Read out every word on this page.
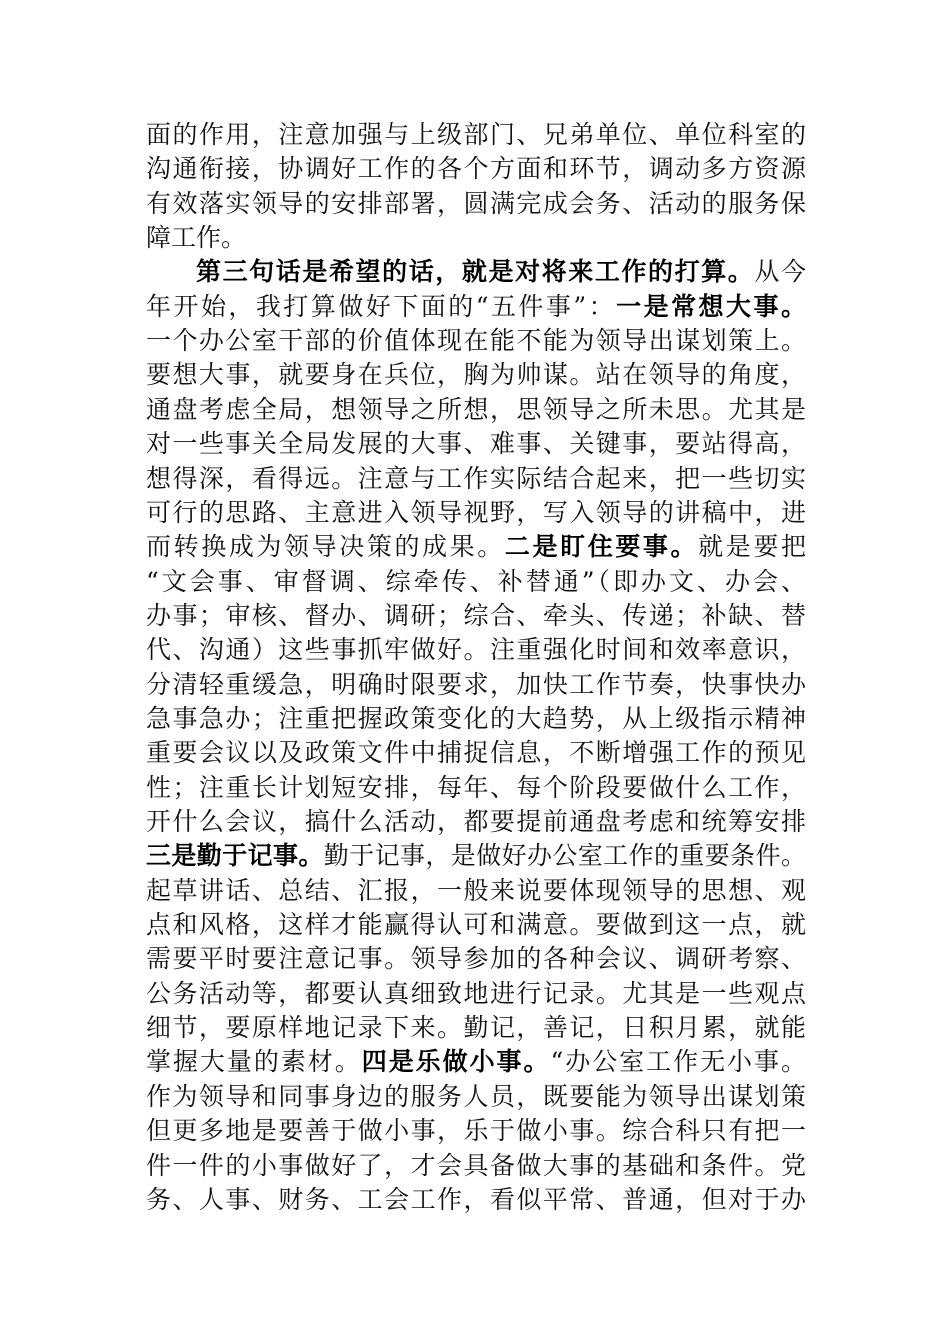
面的作用，注意加强与上级部门、兄弟单位、单位科室的
沟通衔接，协调好工作的各个方面和环节，调动多方资源
有效落实领导的安排部署，圆满完成会务、活动的服务保
障工作。
第三句话是希望的话，就是对将来工作的打算。从今
年开始，我打算做好下面的“五件事”：一是常想大事。
一个办公室干部的价值体现在能不能为领导出谋划策上。
要想大事，就要身在兵位，胸为帅谋。站在领导的角度，
通盘考虑全局，想领导之所想，思领导之所未思。尤其是
对一些事关全局发展的大事、难事、关键事，要站得高，
想得深，看得远。注意与工作实际结合起来，把一些切实
可行的思路、主意进入领导视野，写入领导的讲稿中，进
而转换成为领导决策的成果。二是盯住要事。就是要把
“文会事、审督调、综牵传、补替通”（即办文、办会、
办事；审核、督办、调研；综合、牵头、传递；补缺、替
代、沟通）这些事抓牢做好。注重强化时间和效率意识，
分清轻重缓急，明确时限要求，加快工作节奏，快事快办
急事急办；注重把握政策变化的大趋势，从上级指示精神
重要会议以及政策文件中捕捉信息，不断增强工作的预见
性；注重长计划短安排，每年、每个阶段要做什么工作，
开什么会议，搞什么活动，都要提前通盘考虑和统筹安排
三是勤于记事。勤于记事，是做好办公室工作的重要条件。
起草讲话、总结、汇报，一般来说要体现领导的思想、观
点和风格，这样才能赢得认可和满意。要做到这一点，就
需要平时要注意记事。领导参加的各种会议、调研考察、
公务活动等，都要认真细致地进行记录。尤其是一些观点
细节，要原样地记录下来。勤记，善记，日积月累，就能
掌握大量的素材。四是乐做小事。“办公室工作无小事。
作为领导和同事身边的服务人员，既要能为领导出谋划策
但更多地是要善于做小事，乐于做小事。综合科只有把一
件一件的小事做好了，才会具备做大事的基础和条件。党
务、人事、财务、工会工作，看似平常、普通，但对于办
